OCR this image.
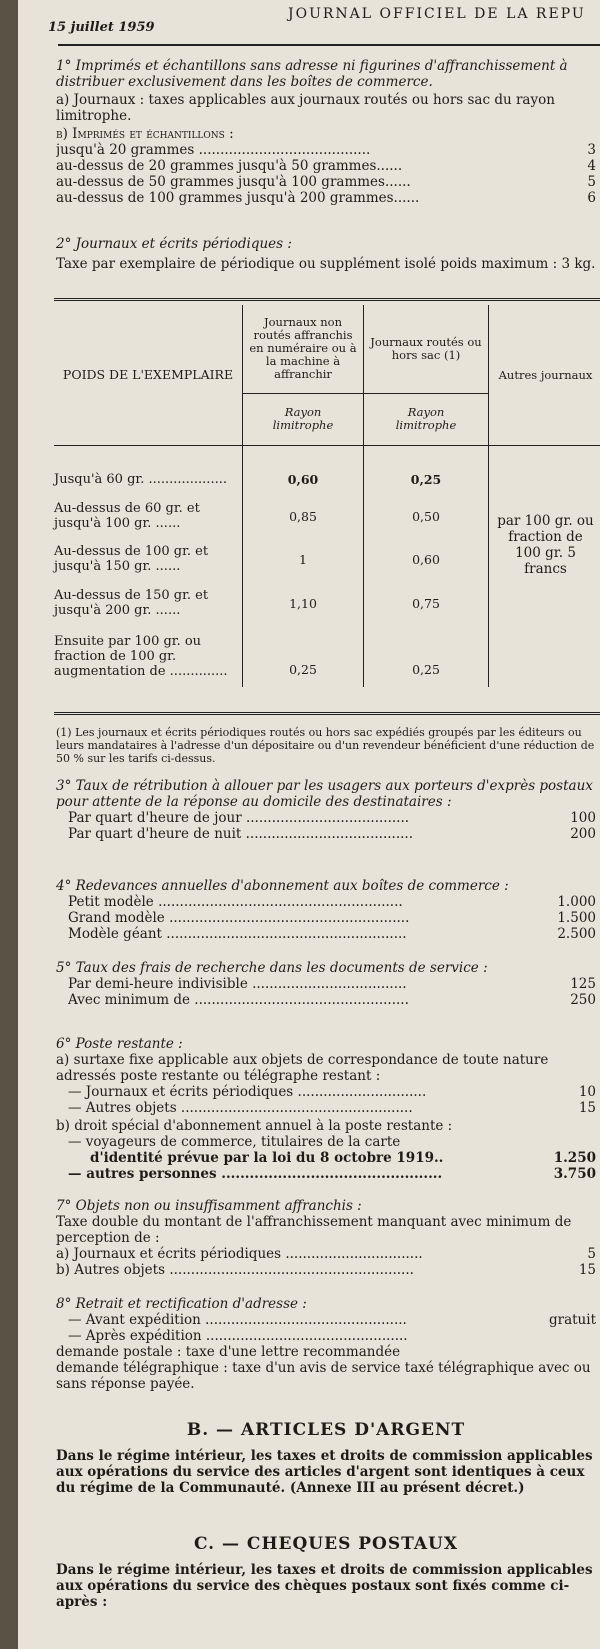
15 juillet 1959
JOURNAL OFFICIEL DE LA REPU
1° Imprimés et échantillons sans adresse ni figurines d'affranchissement à distribuer exclusivement dans les boîtes de commerce.
a) Journaux : taxes applicables aux journaux routés ou hors sac du rayon limitrophe.
b) Imprimés et échantillons :
jusqu'à 20 grammes ........................................	3
au-dessus de 20 grammes jusqu'à 50 grammes......	4
au-dessus de 50 grammes jusqu'à 100 grammes......	5
au-dessus de 100 grammes jusqu'à 200 grammes......	6
2° Journaux et écrits périodiques :
Taxe par exemplaire de périodique ou supplément isolé poids maximum : 3 kg.
POIDS DE L'EXEMPLAIRE	Journaux non routés affranchis en numéraire ou à la machine à affranchir	Journaux routés ou hors sac (1)	Autres journaux
	Rayon limitrophe	Rayon limitrophe	

Jusqu'à 60 gr. ...................	0,60	0,25	par 100 gr. ou fraction de 100 gr. 5 francs
Au-dessus de 60 gr. et jusqu'à 100 gr. ......	0,85	0,50	
Au-dessus de 100 gr. et jusqu'à 150 gr. ......	1	0,60	
Au-dessus de 150 gr. et jusqu'à 200 gr. ......	1,10	0,75	
Ensuite par 100 gr. ou fraction de 100 gr. augmentation de ..............	0,25	0,25	
(1) Les journaux et écrits périodiques routés ou hors sac expédiés groupés par les éditeurs ou leurs mandataires à l'adresse d'un dépositaire ou d'un revendeur bénéficient d'une réduction de 50 % sur les tarifs ci-dessus.
3° Taux de rétribution à allouer par les usagers aux porteurs d'exprès postaux pour attente de la réponse au domicile des destinataires :
Par quart d'heure de jour ......................................	100
Par quart d'heure de nuit .......................................	200
4° Redevances annuelles d'abonnement aux boîtes de commerce :
Petit modèle .........................................................	1.000
Grand modèle ........................................................	1.500
Modèle géant ........................................................	2.500
5° Taux des frais de recherche dans les documents de service :
Par demi-heure indivisible ....................................	125
Avec minimum de ..................................................	250
6° Poste restante :
a) surtaxe fixe applicable aux objets de correspondance de toute nature adressés poste restante ou télégraphe restant :
— Journaux et écrits périodiques ..............................	10
— Autres objets ......................................................	15
b) droit spécial d'abonnement annuel à la poste restante :
— voyageurs de commerce, titulaires de la carte
d'identité prévue par la loi du 8 octobre 1919..	1.250
— autres personnes ...............................................	3.750
7° Objets non ou insuffisamment affranchis :
Taxe double du montant de l'affranchissement manquant avec minimum de perception de :
a) Journaux et écrits périodiques ................................	5
b) Autres objets .........................................................	15
8° Retrait et rectification d'adresse :
— Avant expédition ...............................................	gratuit
— Après expédition ...............................................
demande postale : taxe d'une lettre recommandée
demande télégraphique : taxe d'un avis de service taxé télégraphique avec ou sans réponse payée.
B. — ARTICLES D'ARGENT
Dans le régime intérieur, les taxes et droits de commission applicables aux opérations du service des articles d'argent sont identiques à ceux du régime de la Communauté. (Annexe III au présent décret.)
C. — CHEQUES POSTAUX
Dans le régime intérieur, les taxes et droits de commission applicables aux opérations du service des chèques postaux sont fixés comme ci-après :
